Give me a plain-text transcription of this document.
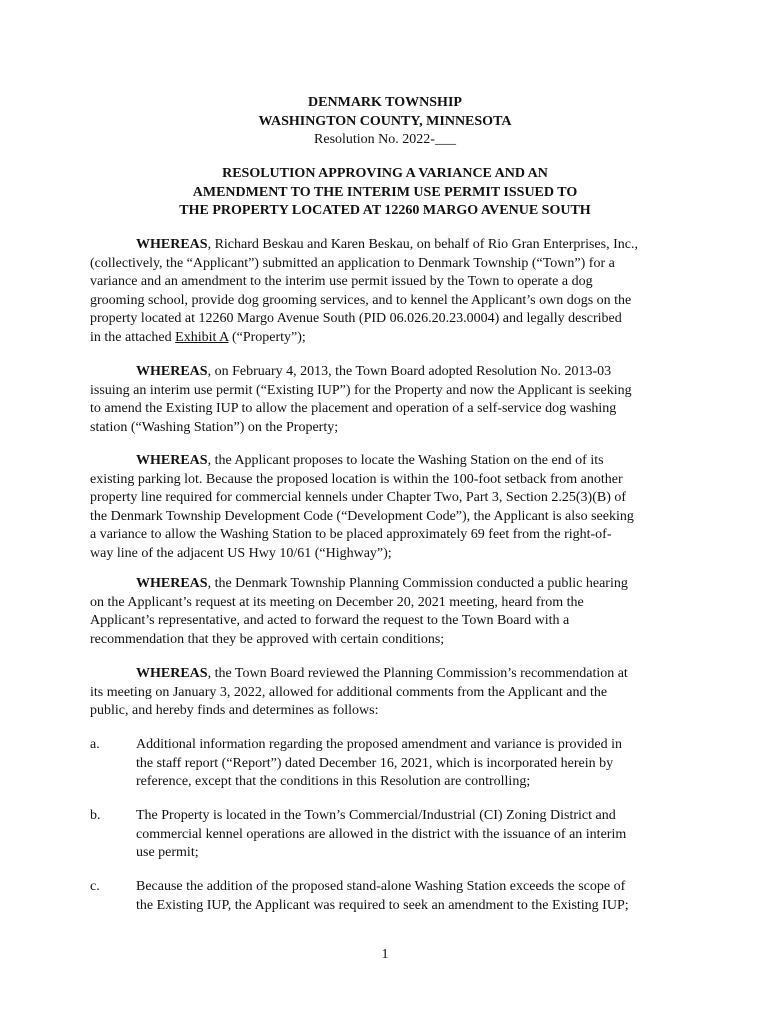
DENMARK TOWNSHIP
WASHINGTON COUNTY, MINNESOTA
Resolution No. 2022-___
RESOLUTION APPROVING A VARIANCE AND AN
AMENDMENT TO THE INTERIM USE PERMIT ISSUED TO
THE PROPERTY LOCATED AT 12260 MARGO AVENUE SOUTH
WHEREAS, Richard Beskau and Karen Beskau, on behalf of Rio Gran Enterprises, Inc.,
(collectively, the “Applicant”) submitted an application to Denmark Township (“Town”) for a
variance and an amendment to the interim use permit issued by the Town to operate a dog
grooming school, provide dog grooming services, and to kennel the Applicant’s own dogs on the
property located at 12260 Margo Avenue South (PID 06.026.20.23.0004) and legally described
in the attached Exhibit A (“Property”);
WHEREAS, on February 4, 2013, the Town Board adopted Resolution No. 2013-03
issuing an interim use permit (“Existing IUP”) for the Property and now the Applicant is seeking
to amend the Existing IUP to allow the placement and operation of a self-service dog washing
station (“Washing Station”) on the Property;
WHEREAS, the Applicant proposes to locate the Washing Station on the end of its
existing parking lot. Because the proposed location is within the 100-foot setback from another
property line required for commercial kennels under Chapter Two, Part 3, Section 2.25(3)(B) of
the Denmark Township Development Code (“Development Code”), the Applicant is also seeking
a variance to allow the Washing Station to be placed approximately 69 feet from the right-of-
way line of the adjacent US Hwy 10/61 (“Highway”);
WHEREAS, the Denmark Township Planning Commission conducted a public hearing
on the Applicant’s request at its meeting on December 20, 2021 meeting, heard from the
Applicant’s representative, and acted to forward the request to the Town Board with a
recommendation that they be approved with certain conditions;
WHEREAS, the Town Board reviewed the Planning Commission’s recommendation at
its meeting on January 3, 2022, allowed for additional comments from the Applicant and the
public, and hereby finds and determines as follows:
a.	Additional information regarding the proposed amendment and variance is provided in
the staff report (“Report”) dated December 16, 2021, which is incorporated herein by
reference, except that the conditions in this Resolution are controlling;
b.	The Property is located in the Town’s Commercial/Industrial (CI) Zoning District and
commercial kennel operations are allowed in the district with the issuance of an interim
use permit;
c.	Because the addition of the proposed stand-alone Washing Station exceeds the scope of
the Existing IUP, the Applicant was required to seek an amendment to the Existing IUP;
1
